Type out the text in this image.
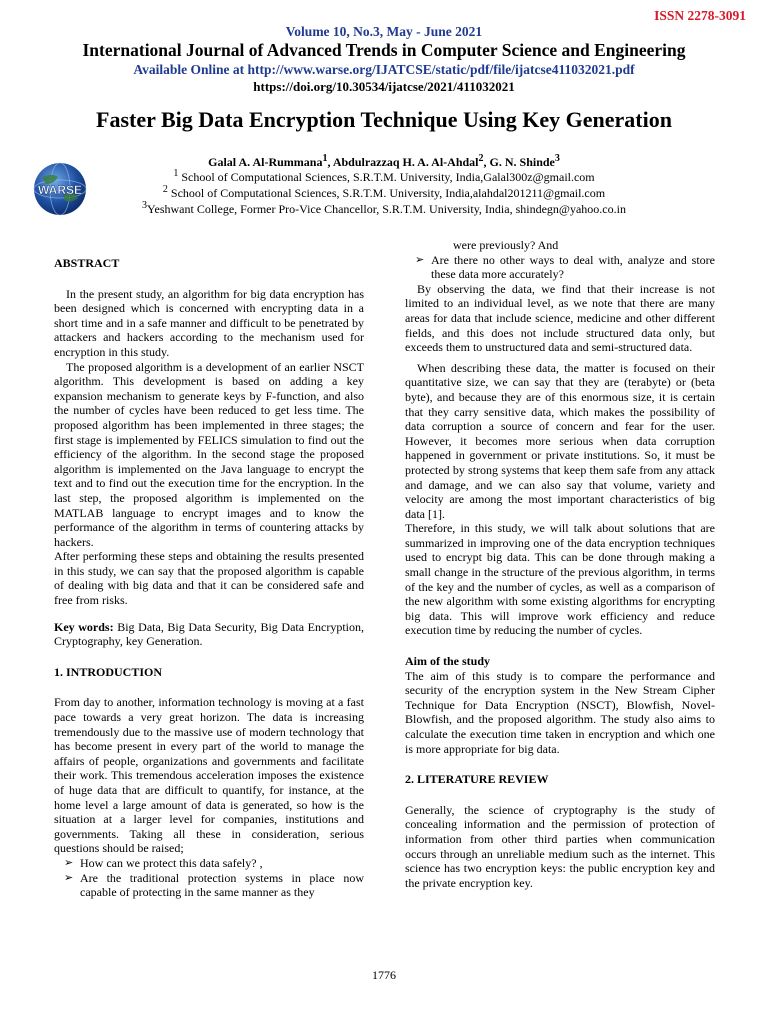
ISSN 2278-3091
Volume 10, No.3, May - June 2021
International Journal of Advanced Trends in Computer Science and Engineering
Available Online at http://www.warse.org/IJATCSE/static/pdf/file/ijatcse411032021.pdf
https://doi.org/10.30534/ijatcse/2021/411032021
WARSE
Faster Big Data Encryption Technique Using Key Generation
Galal A. Al-Rummana$^1$, Abdulrazzaq H. A. Al-Ahdal$^2$, G. N. Shinde$^3$
$^1$ School of Computational Sciences, S.R.T.M. University, India,Galal300z@gmail.com
$^2$ School of Computational Sciences, S.R.T.M. University, India,alahdal201211@gmail.com
$^3$Yeshwant College, Former Pro-Vice Chancellor, S.R.T.M. University, India, shindegn@yahoo.co.in
ABSTRACT
In the present study, an algorithm for big data encryption has been designed which is concerned with encrypting data in a short time and in a safe manner and difficult to be penetrated by attackers and hackers according to the mechanism used for encryption in this study.
The proposed algorithm is a development of an earlier NSCT algorithm. This development is based on adding a key expansion mechanism to generate keys by F-function, and also the number of cycles have been reduced to get less time. The proposed algorithm has been implemented in three stages; the first stage is implemented by FELICS simulation to find out the efficiency of the algorithm. In the second stage the proposed algorithm is implemented on the Java language to encrypt the text and to find out the execution time for the encryption. In the last step, the proposed algorithm is implemented on the MATLAB language to encrypt images and to know the performance of the algorithm in terms of countering attacks by hackers.
After performing these steps and obtaining the results presented in this study, we can say that the proposed algorithm is capable of dealing with big data and that it can be considered safe and free from risks.
Key words: Big Data, Big Data Security, Big Data Encryption, Cryptography, key Generation.
1. INTRODUCTION
From day to another, information technology is moving at a fast pace towards a very great horizon. The data is increasing tremendously due to the massive use of modern technology that has become present in every part of the world to manage the affairs of people, organizations and governments and facilitate their work. This tremendous acceleration imposes the existence of huge data that are difficult to quantify, for instance, at the home level a large amount of data is generated, so how is the situation at a larger level for companies, institutions and governments. Taking all these in consideration, serious questions should be raised;
➢ How can we protect this data safely? ,
➢ Are the traditional protection systems in place now capable of protecting in the same manner as they
were previously? And
➢ Are there no other ways to deal with, analyze and store these data more accurately?
By observing the data, we find that their increase is not limited to an individual level, as we note that there are many areas for data that include science, medicine and other different fields, and this does not include structured data only, but exceeds them to unstructured data and semi-structured data.
When describing these data, the matter is focused on their quantitative size, we can say that they are (terabyte) or (beta byte), and because they are of this enormous size, it is certain that they carry sensitive data, which makes the possibility of data corruption a source of concern and fear for the user. However, it becomes more serious when data corruption happened in government or private institutions. So, it must be protected by strong systems that keep them safe from any attack and damage, and we can also say that volume, variety and velocity are among the most important characteristics of big data [1].
Therefore, in this study, we will talk about solutions that are summarized in improving one of the data encryption techniques used to encrypt big data. This can be done through making a small change in the structure of the previous algorithm, in terms of the key and the number of cycles, as well as a comparison of the new algorithm with some existing algorithms for encrypting big data. This will improve work efficiency and reduce execution time by reducing the number of cycles.
Aim of the study
The aim of this study is to compare the performance and security of the encryption system in the New Stream Cipher Technique for Data Encryption (NSCT), Blowfish, Novel-Blowfish, and the proposed algorithm. The study also aims to calculate the execution time taken in encryption and which one is more appropriate for big data.
2. LITERATURE REVIEW
Generally, the science of cryptography is the study of concealing information and the permission of protection of information from other third parties when communication occurs through an unreliable medium such as the internet. This science has two encryption keys: the public encryption key and the private encryption key.
1776
